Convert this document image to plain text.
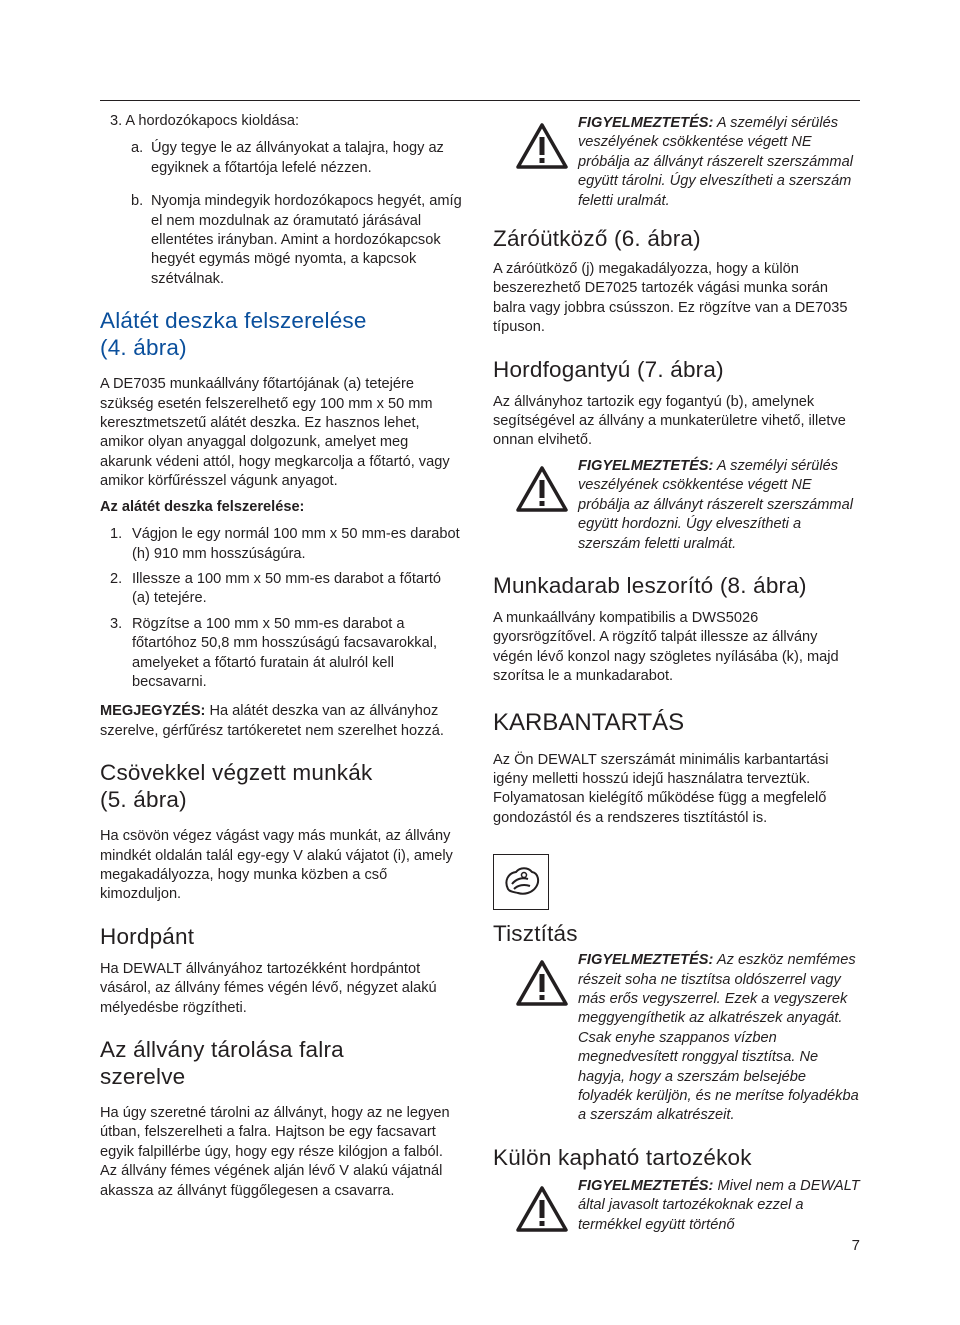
3. A hordozókapocs kioldása:

a. Úgy tegye le az állványokat a talajra, hogy az egyiknek a főtartója lefelé nézzen.

b. Nyomja mindegyik hordozókapocs hegyét, amíg el nem mozdulnak az óramutató járásával ellentétes irányban. Amint a hordozókapcsok hegyét egymás mögé nyomta, a kapcsok szétválnak.

Alátét deszka felszerelése
(4. ábra)

A DE7035 munkaállvány főtartójának (a) tetejére szükség esetén felszerelhető egy 100 mm x 50 mm keresztmetszetű alátét deszka. Ez hasznos lehet, amikor olyan anyaggal dolgozunk, amelyet meg akarunk védeni attól, hogy megkarcolja a főtartó, vagy amikor körfűrésszel vágunk anyagot.

Az alátét deszka felszerelése:

1. Vágjon le egy normál 100 mm x 50 mm-es darabot (h) 910 mm hosszúságúra.

2. Illessze a 100 mm x 50 mm-es darabot a főtartó (a) tetejére.

3. Rögzítse a 100 mm x 50 mm-es darabot a főtartóhoz 50,8 mm hosszúságú facsavarokkal, amelyeket a főtartó furatain át alulról kell becsavarni.

MEGJEGYZÉS: Ha alátét deszka van az állványhoz szerelve, gérfűrész tartókeretet nem szerelhet hozzá.

Csövekkel végzett munkák
(5. ábra)

Ha csövön végez vágást vagy más munkát, az állvány mindkét oldalán talál egy-egy V alakú vájatot (i), amely megakadályozza, hogy munka közben a cső kimozduljon.

Hordpánt

Ha DEWALT állványához tartozékként hordpántot vásárol, az állvány fémes végén lévő, négyzet alakú mélyedésbe rögzítheti.

Az állvány tárolása falra
szerelve

Ha úgy szeretné tárolni az állványt, hogy az ne legyen útban, felszerelheti a falra. Hajtson be egy facsavart egyik falpillérbe úgy, hogy egy része kilógjon a falból. Az állvány fémes végének alján lévő V alakú vájatnál akassza az állványt függőlegesen a csavarra.

FIGYELMEZTETÉS: A személyi sérülés veszélyének csökkentése végett NE próbálja az állványt rászerelt szerszámmal együtt tárolni. Úgy elveszítheti a szerszám feletti uralmát.

Záróütköző (6. ábra)

A záróütköző (j) megakadályozza, hogy a külön beszerezhető DE7025 tartozék vágási munka során balra vagy jobbra csússzon. Ez rögzítve van a DE7035 típuson.

Hordfogantyú (7. ábra)

Az állványhoz tartozik egy fogantyú (b), amelynek segítségével az állvány a munkaterületre vihető, illetve onnan elvihető.

FIGYELMEZTETÉS: A személyi sérülés veszélyének csökkentése végett NE próbálja az állványt rászerelt szerszámmal együtt hordozni. Úgy elveszítheti a szerszám feletti uralmát.

Munkadarab leszorító (8. ábra)

A munkaállvány kompatibilis a DWS5026 gyorsrögzítővel. A rögzítő talpát illessze az állvány végén lévő konzol nagy szögletes nyílásába (k), majd szorítsa le a munkadarabot.

KARBANTARTÁS

Az Ön DEWALT szerszámát minimális karbantartási igény melletti hosszú idejű használatra terveztük. Folyamatosan kielégítő működése függ a megfelelő gondozástól és a rendszeres tisztítástól is.

Tisztítás

FIGYELMEZTETÉS: Az eszköz nemfémes részeit soha ne tisztítsa oldószerrel vagy más erős vegyszerrel. Ezek a vegyszerek meggyengíthetik az alkatrészek anyagát. Csak enyhe szappanos vízben megnedvesített ronggyal tisztítsa. Ne hagyja, hogy a szerszám belsejébe folyadék kerüljön, és ne merítse folyadékba a szerszám alkatrészeit.

Külön kapható tartozékok

FIGYELMEZTETÉS: Mivel nem a DEWALT által javasolt tartozékoknak ezzel a termékkel együtt történő

7
